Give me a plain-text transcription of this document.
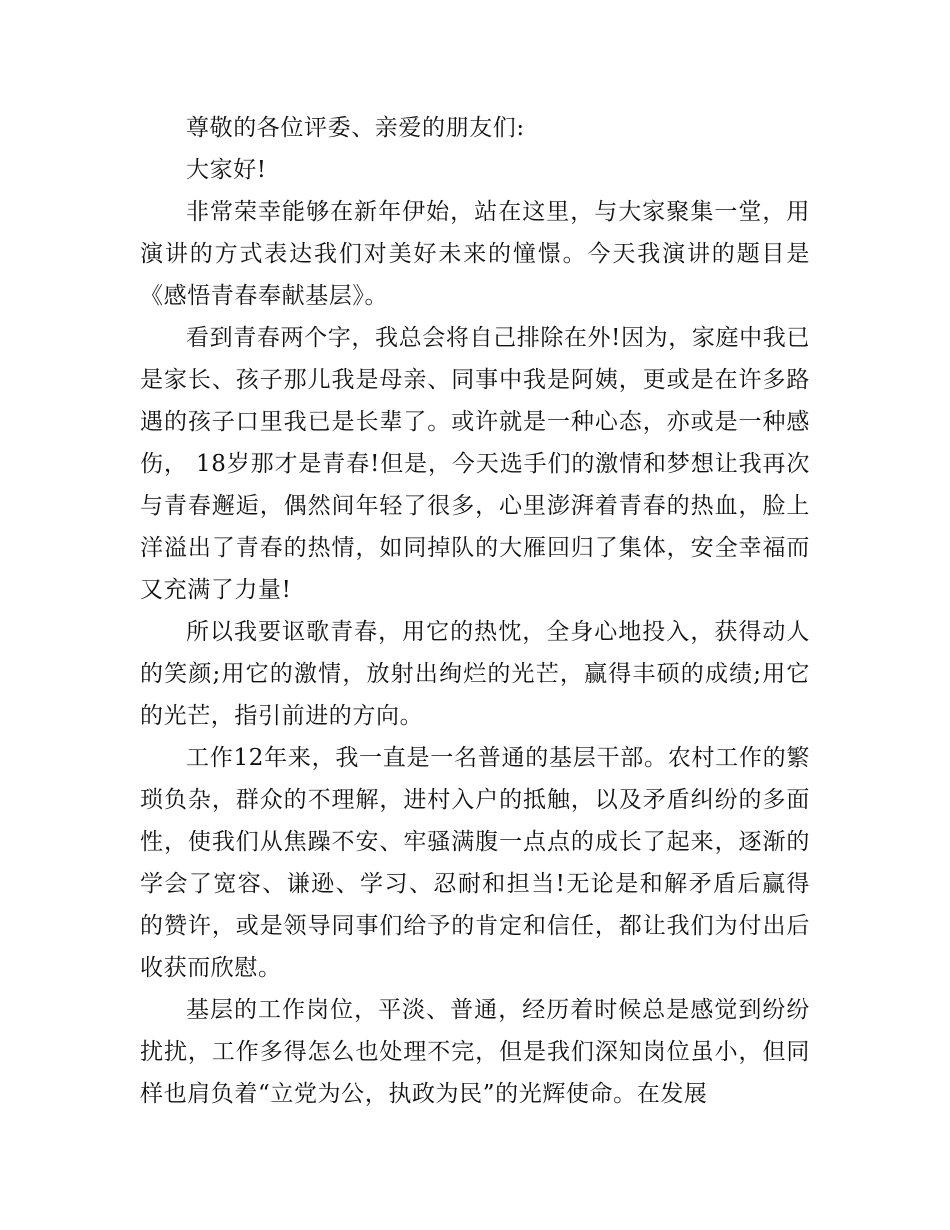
尊敬的各位评委、亲爱的朋友们:

大家好!

非常荣幸能够在新年伊始，站在这里，与大家聚集一堂，用演讲的方式表达我们对美好未来的憧憬。今天我演讲的题目是《感悟青春奉献基层》。

看到青春两个字，我总会将自己排除在外!因为，家庭中我已是家长、孩子那儿我是母亲、同事中我是阿姨，更或是在许多路遇的孩子口里我已是长辈了。或许就是一种心态，亦或是一种感伤， 18岁那才是青春!但是，今天选手们的激情和梦想让我再次与青春邂逅，偶然间年轻了很多，心里澎湃着青春的热血，脸上洋溢出了青春的热情，如同掉队的大雁回归了集体，安全幸福而又充满了力量!

所以我要讴歌青春，用它的热忱，全身心地投入，获得动人的笑颜;用它的激情，放射出绚烂的光芒，赢得丰硕的成绩;用它的光芒，指引前进的方向。

工作12年来，我一直是一名普通的基层干部。农村工作的繁琐负杂，群众的不理解，进村入户的抵触，以及矛盾纠纷的多面性，使我们从焦躁不安、牢骚满腹一点点的成长了起来，逐渐的学会了宽容、谦逊、学习、忍耐和担当!无论是和解矛盾后赢得的赞许，或是领导同事们给予的肯定和信任，都让我们为付出后收获而欣慰。

基层的工作岗位，平淡、普通，经历着时候总是感觉到纷纷扰扰，工作多得怎么也处理不完，但是我们深知岗位虽小，但同样也肩负着“立党为公，执政为民”的光辉使命。在发展
